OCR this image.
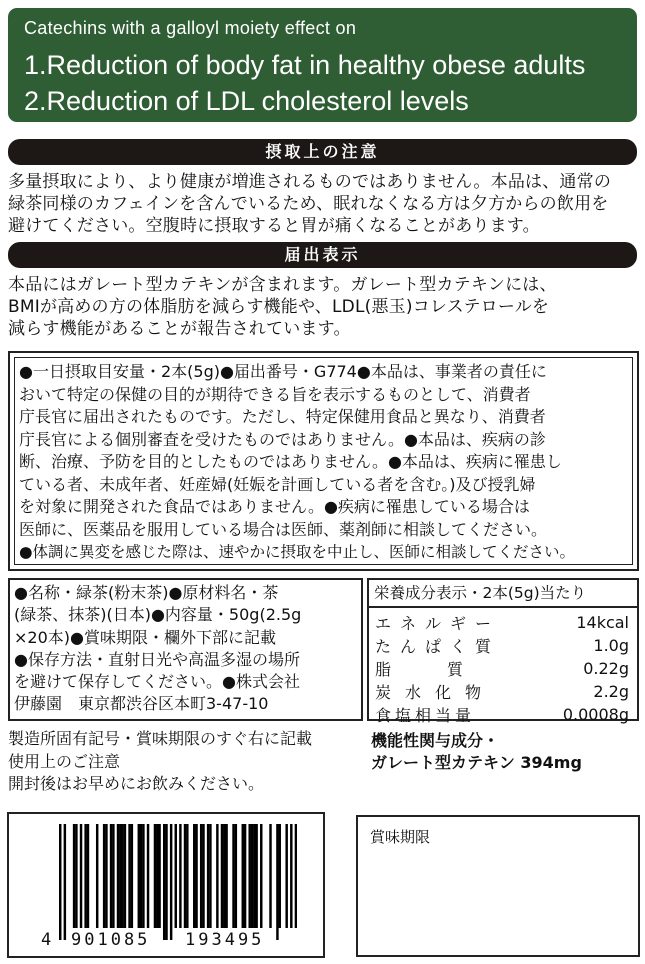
Catechins with a galloyl moiety effect on
1.Reduction of body fat in healthy obese adults
2.Reduction of LDL cholesterol levels
摂取上の注意
多量摂取により、より健康が増進されるものではありません。本品は、通常の
緑茶同様のカフェインを含んでいるため、眠れなくなる方は夕方からの飲用を
避けてください。空腹時に摂取すると胃が痛くなることがあります。
届出表示
本品にはガレート型カテキンが含まれます。ガレート型カテキンには、
BMIが高めの方の体脂肪を減らす機能や、LDL(悪玉)コレステロールを
減らす機能があることが報告されています。
●一日摂取目安量・2本(5g)●届出番号・G774●本品は、事業者の責任に
おいて特定の保健の目的が期待できる旨を表示するものとして、消費者
庁長官に届出されたものです。ただし、特定保健用食品と異なり、消費者
庁長官による個別審査を受けたものではありません。●本品は、疾病の診
断、治療、予防を目的としたものではありません。●本品は、疾病に罹患し
ている者、未成年者、妊産婦(妊娠を計画している者を含む。)及び授乳婦
を対象に開発された食品ではありません。●疾病に罹患している場合は
医師に、医薬品を服用している場合は医師、薬剤師に相談してください。
●体調に異変を感じた際は、速やかに摂取を中止し、医師に相談してください。
●名称・緑茶(粉末茶)●原材料名・茶
(緑茶、抹茶)(日本)●内容量・50g(2.5g
×20本)●賞味期限・欄外下部に記載
●保存方法・直射日光や高温多湿の場所
を避けて保存してください。●株式会社
伊藤園　東京都渋谷区本町3-47-10
栄養成分表示・2本(5g)当たり
エネルギー	14kcal
たんぱく質	1.0g
脂　　　質	0.22g
炭水化物	2.2g
食塩相当量	0.0008g
製造所固有記号・賞味期限のすぐ右に記載
使用上のご注意
開封後はお早めにお飲みください。
機能性関与成分・
ガレート型カテキン 394mg
4 901085 193495
賞味期限
